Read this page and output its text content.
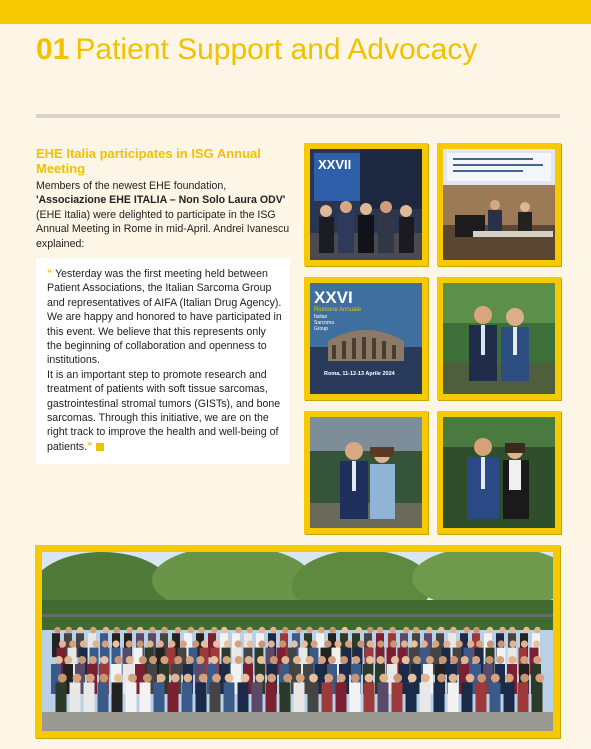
01 Patient Support and Advocacy
EHE Italia participates in ISG Annual Meeting

Members of the newest EHE foundation, 'Associazione EHE ITALIA – Non Solo Laura ODV' (EHE Italia) were delighted to participate in the ISG Annual Meeting in Rome in mid-April. Andrei Ivanescu explained:

“ Yesterday was the first meeting held between Patient Associations, the Italian Sarcoma Group and representatives of AIFA (Italian Drug Agency). We are happy and honored to have participated in this event. We believe that this represents only the beginning of collaboration and openness to institutions.
It is an important step to promote research and treatment of patients with soft tissue sarcomas, gastrointestinal stromal tumors (GISTs), and bone sarcomas. Through this initiative, we are on the right track to improve the health and well-being of patients.”
XXVII
XXVI
Riunione Annuale
Italian
Sarcoma
Group
Roma, 11-12-13 Aprile 2024
